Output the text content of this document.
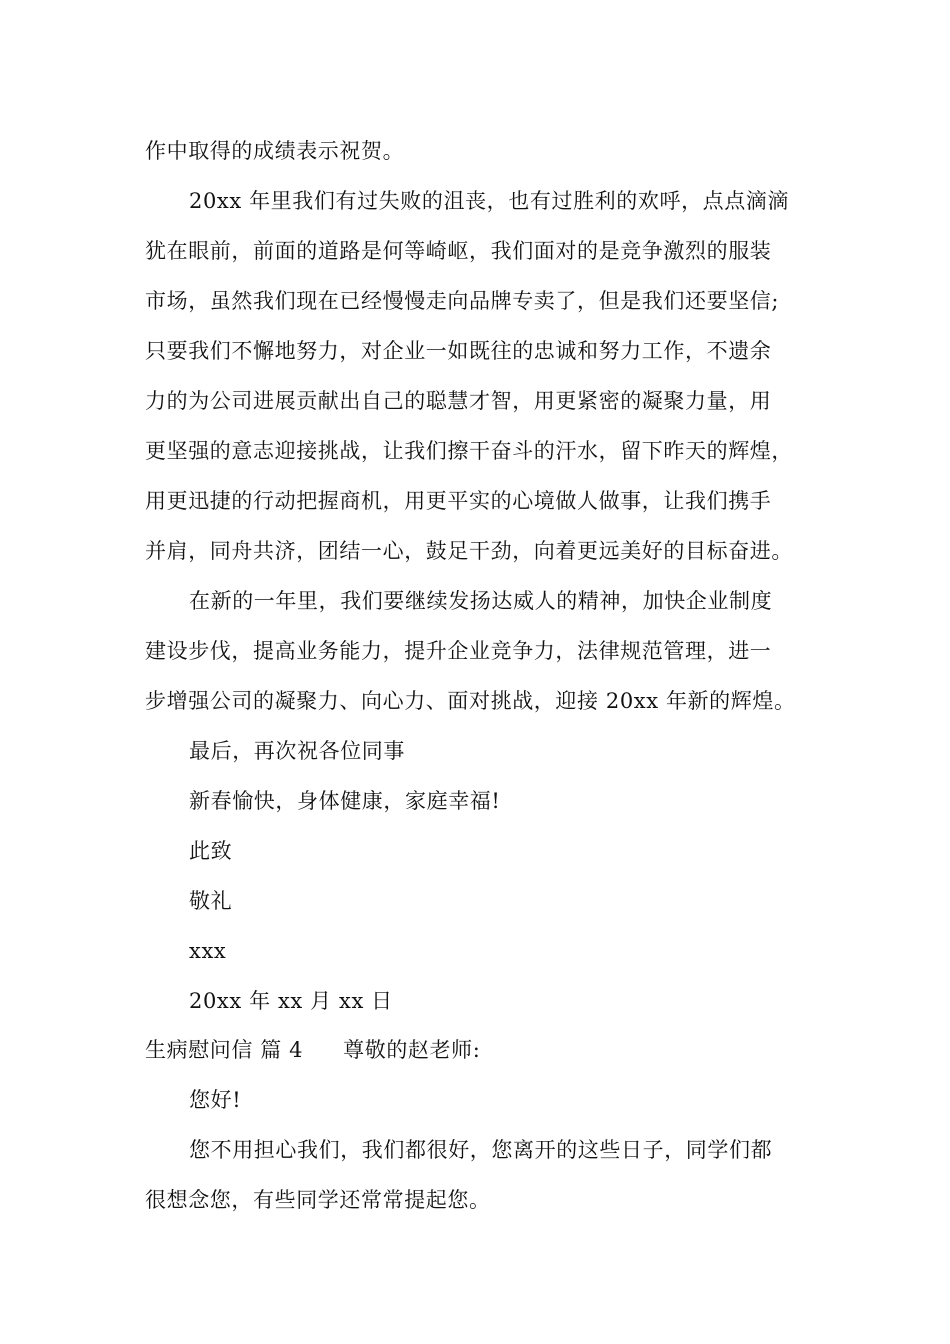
作中取得的成绩表示祝贺。
20xx 年里我们有过失败的沮丧，也有过胜利的欢呼，点点滴滴
犹在眼前，前面的道路是何等崎岖，我们面对的是竞争激烈的服装
市场，虽然我们现在已经慢慢走向品牌专卖了，但是我们还要坚信;
只要我们不懈地努力，对企业一如既往的忠诚和努力工作，不遗余
力的为公司进展贡献出自己的聪慧才智，用更紧密的凝聚力量，用
更坚强的意志迎接挑战，让我们擦干奋斗的汗水，留下昨天的辉煌，
用更迅捷的行动把握商机，用更平实的心境做人做事，让我们携手
并肩，同舟共济，团结一心，鼓足干劲，向着更远美好的目标奋进。
在新的一年里，我们要继续发扬达威人的精神，加快企业制度
建设步伐，提高业务能力，提升企业竞争力，法律规范管理，进一
步增强公司的凝聚力、向心力、面对挑战，迎接 20xx 年新的辉煌。
最后，再次祝各位同事
新春愉快，身体健康，家庭幸福!
此致
敬礼
xxx
20xx 年 xx 月 xx 日
生病慰问信 篇 4 尊敬的赵老师:
您好!
您不用担心我们，我们都很好，您离开的这些日子，同学们都
很想念您，有些同学还常常提起您。
